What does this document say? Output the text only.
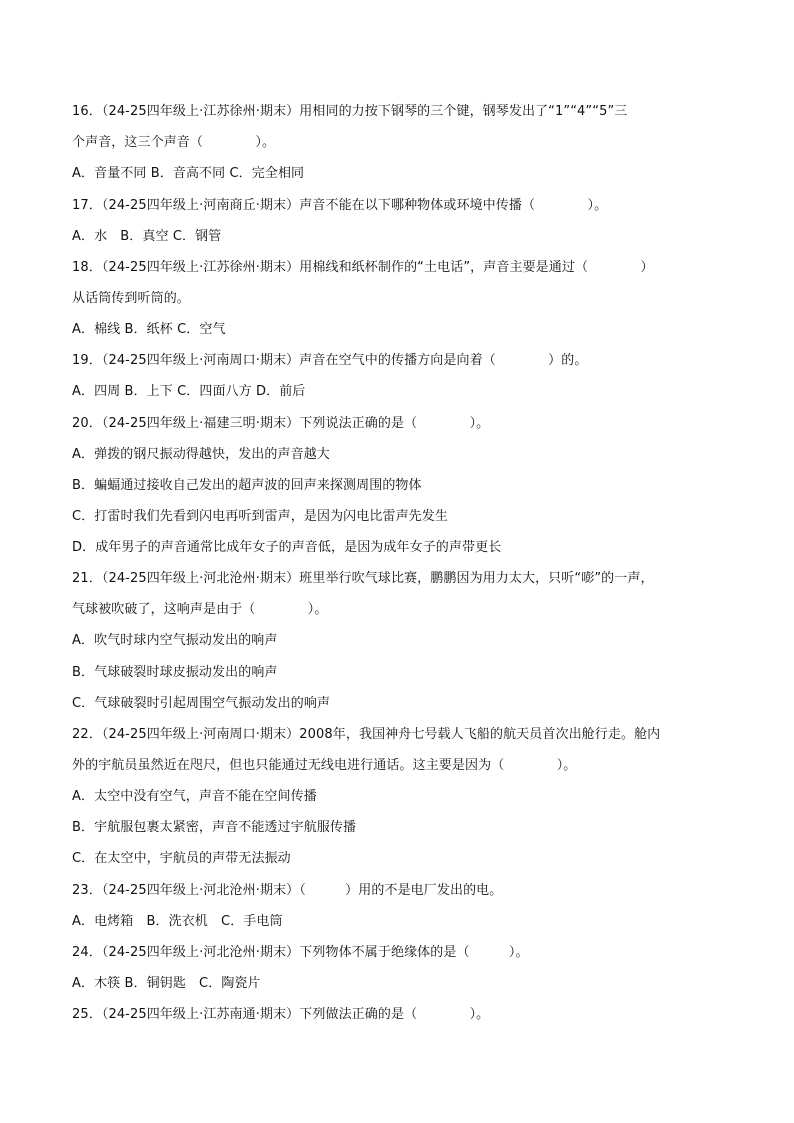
16．（24-25四年级上·江苏徐州·期末）用相同的力按下钢琴的三个键，钢琴发出了“1”“4”“5”三
个声音，这三个声音（　　　　）。
A．音量不同 B．音高不同 C．完全相同
17．（24-25四年级上·河南商丘·期末）声音不能在以下哪种物体或环境中传播（　　　　）。
A．水　B．真空 C．钢管
18．（24-25四年级上·江苏徐州·期末）用棉线和纸杯制作的“土电话”，声音主要是通过（　　　　）
从话筒传到听筒的。
A．棉线 B．纸杯 C．空气
19．（24-25四年级上·河南周口·期末）声音在空气中的传播方向是向着（　　　　）的。
A．四周 B．上下 C．四面八方 D．前后
20．（24-25四年级上·福建三明·期末）下列说法正确的是（　　　　）。
A．弹拨的钢尺振动得越快，发出的声音越大
B．蝙蝠通过接收自己发出的超声波的回声来探测周围的物体
C．打雷时我们先看到闪电再听到雷声，是因为闪电比雷声先发生
D．成年男子的声音通常比成年女子的声音低，是因为成年女子的声带更长
21．（24-25四年级上·河北沧州·期末）班里举行吹气球比赛，鹏鹏因为用力太大，只听“嘭”的一声，
气球被吹破了，这响声是由于（　　　　）。
A．吹气时球内空气振动发出的响声
B．气球破裂时球皮振动发出的响声
C．气球破裂时引起周围空气振动发出的响声
22．（24-25四年级上·河南周口·期末）2008年，我国神舟七号载人飞船的航天员首次出舱行走。舱内
外的宇航员虽然近在咫尺，但也只能通过无线电进行通话。这主要是因为（　　　　）。
A．太空中没有空气，声音不能在空间传播
B．宇航服包裹太紧密，声音不能透过宇航服传播
C．在太空中，宇航员的声带无法振动
23．（24-25四年级上·河北沧州·期末）（　　　）用的不是电厂发出的电。
A．电烤箱　B．洗衣机　C．手电筒
24．（24-25四年级上·河北沧州·期末）下列物体不属于绝缘体的是（　　　）。
A．木筷 B．铜钥匙　C．陶瓷片
25．（24-25四年级上·江苏南通·期末）下列做法正确的是（　　　　）。
